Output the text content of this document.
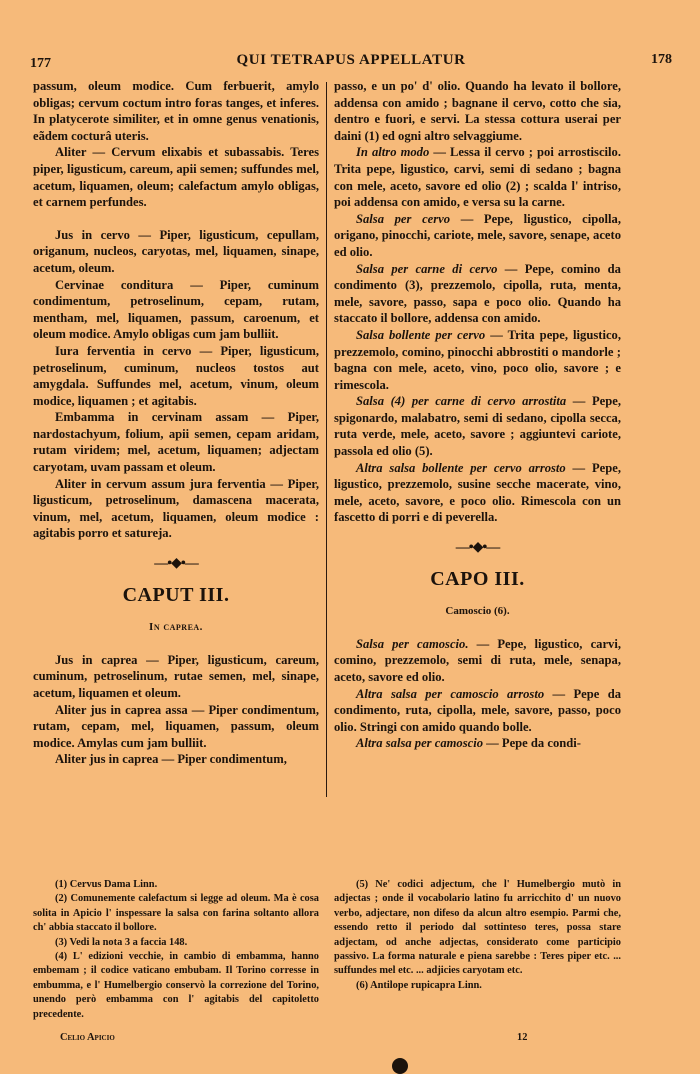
177	QUI TETRAPUS APPELLATUR	178

passum, oleum modice. Cum ferbuerit, amylo obligas; cervum coctum intro foras tanges, et inferes. In platycerote similiter, et in omne genus venationis, eãdem cocturâ uteris.

Aliter — Cervum elixabis et subassabis. Teres piper, ligusticum, careum, apii semen; suffundes mel, acetum, liquamen, oleum; calefactum amylo obligas, et carnem perfundes.

Jus in cervo — Piper, ligusticum, cepullam, origanum, nucleos, caryotas, mel, liquamen, sinape, acetum, oleum.

Cervinae conditura — Piper, cuminum condimentum, petroselinum, cepam, rutam, mentham, mel, liquamen, passum, caroenum, et oleum modice. Amylo obligas cum jam bulliit.

Iura ferventia in cervo — Piper, ligusticum, petroselinum, cuminum, nucleos tostos aut amygdala. Suffundes mel, acetum, vinum, oleum modice, liquamen ; et agitabis.

Embamma in cervinam assam — Piper, nardostachyum, folium, apii semen, cepam aridam, rutam viridem; mel, acetum, liquamen; adjectam caryotam, uvam passam et oleum.

Aliter in cervum assum jura ferventia — Piper, ligusticum, petroselinum, damascena macerata, vinum, mel, acetum, liquamen, oleum modice : agitabis porro et satureja.

—•◆•—
CAPUT III.
In caprea.

Jus in caprea — Piper, ligusticum, careum, cuminum, petroselinum, rutae semen, mel, sinape, acetum, liquamen et oleum.

Aliter jus in caprea assa — Piper condimentum, rutam, cepam, mel, liquamen, passum, oleum modice. Amylas cum jam bulliit.

Aliter jus in caprea — Piper condimentum,

passo, e un po' d' olio. Quando ha levato il bollore, addensa con amido ; bagnane il cervo, cotto che sia, dentro e fuori, e servi. La stessa cottura userai per daini (1) ed ogni altro selvaggiume.

In altro modo — Lessa il cervo ; poi arrostiscilo. Trita pepe, ligustico, carvi, semi di sedano ; bagna con mele, aceto, savore ed olio (2) ; scalda l' intriso, poi addensa con amido, e versa su la carne.

Salsa per cervo — Pepe, ligustico, cipolla, origano, pinocchi, cariote, mele, savore, senape, aceto ed olio.

Salsa per carne di cervo — Pepe, comino da condimento (3), prezzemolo, cipolla, ruta, menta, mele, savore, passo, sapa e poco olio. Quando ha staccato il bollore, addensa con amido.

Salsa bollente per cervo — Trita pepe, ligustico, prezzemolo, comino, pinocchi abbrostiti o mandorle ; bagna con mele, aceto, vino, poco olio, savore ; e rimescola.

Salsa (4) per carne di cervo arrostita — Pepe, spigonardo, malabatro, semi di sedano, cipolla secca, ruta verde, mele, aceto, savore ; aggiuntevi cariote, passola ed olio (5).

Altra salsa bollente per cervo arrosto — Pepe, ligustico, prezzemolo, susine secche macerate, vino, mele, aceto, savore, e poco olio. Rimescola con un fascetto di porri e di peverella.

—•◆•—
CAPO III.
Camoscio (6).

Salsa per camoscio. — Pepe, ligustico, carvi, comino, prezzemolo, semi di ruta, mele, senapa, aceto, savore ed olio.

Altra salsa per camoscio arrosto — Pepe da condimento, ruta, cipolla, mele, savore, passo, poco olio. Stringi con amido quando bolle.

Altra salsa per camoscio — Pepe da condi-

(1) Cervus Dama Linn.

(2) Comunemente calefactum si legge ad oleum. Ma è cosa solita in Apicio l' inspessare la salsa con farina soltanto allora ch' abbia staccato il bollore.

(3) Vedi la nota 3 a faccia 148.

(4) L' edizioni vecchie, in cambio di embamma, hanno embemam ; il codice vaticano embubam. Il Torino corresse in embumma, e l' Humelbergio conservò la correzione del Torino, unendo però embamma con l' agitabis del capitoletto precedente.

(5) Ne' codici adjectum, che l' Humelbergio mutò in adjectas ; onde il vocabolario latino fu arricchito d' un nuovo verbo, adjectare, non difeso da alcun altro esempio. Parmi che, essendo retto il periodo dal sottinteso teres, possa stare adjectam, od anche adjectas, considerato come participio passivo. La forma naturale e piena sarebbe : Teres piper etc. ... suffundes mel etc. ... adjicies caryotam etc.

(6) Antilope rupicapra Linn.

Celio Apicio	12
